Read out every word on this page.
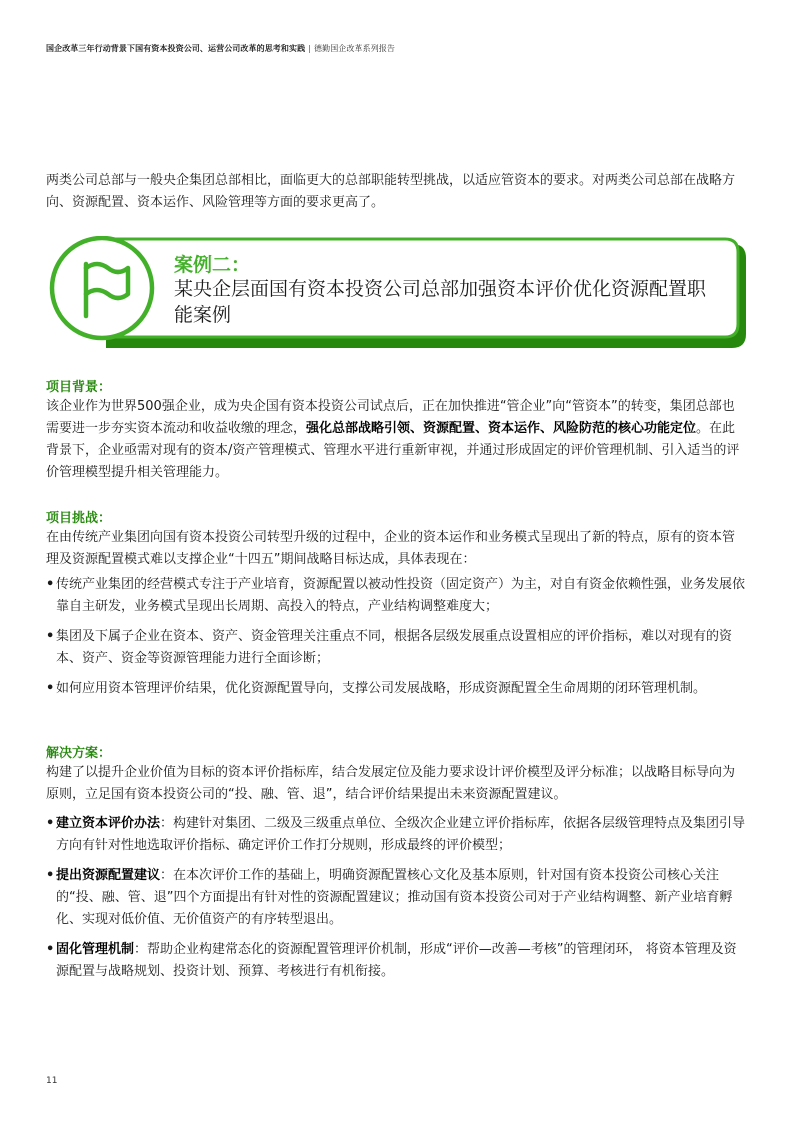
国企改革三年行动背景下国有资本投资公司、运营公司改革的思考和实践 | 德勤国企改革系列报告

两类公司总部与一般央企集团总部相比，面临更大的总部职能转型挑战，以适应管资本的要求。对两类公司总部在战略方向、资源配置、资本运作、风险管理等方面的要求更高了。

案例二：
某央企层面国有资本投资公司总部加强资本评价优化资源配置职能案例
项目背景：

该企业作为世界500强企业，成为央企国有资本投资公司试点后，正在加快推进“管企业”向“管资本”的转变，集团总部也需要进一步夯实资本流动和收益收缴的理念，强化总部战略引领、资源配置、资本运作、风险防范的核心功能定位。在此背景下，企业亟需对现有的资本/资产管理模式、管理水平进行重新审视，并通过形成固定的评价管理机制、引入适当的评价管理模型提升相关管理能力。

项目挑战：

在由传统产业集团向国有资本投资公司转型升级的过程中，企业的资本运作和业务模式呈现出了新的特点，原有的资本管理及资源配置模式难以支撑企业“十四五”期间战略目标达成，具体表现在：

• 传统产业集团的经营模式专注于产业培育，资源配置以被动性投资（固定资产）为主，对自有资金依赖性强，业务发展依靠自主研发，业务模式呈现出长周期、高投入的特点，产业结构调整难度大；
• 集团及下属子企业在资本、资产、资金管理关注重点不同，根据各层级发展重点设置相应的评价指标，难以对现有的资本、资产、资金等资源管理能力进行全面诊断；
• 如何应用资本管理评价结果，优化资源配置导向，支撑公司发展战略，形成资源配置全生命周期的闭环管理机制。
解决方案：

构建了以提升企业价值为目标的资本评价指标库，结合发展定位及能力要求设计评价模型及评分标准；以战略目标导向为原则，立足国有资本投资公司的“投、融、管、退”，结合评价结果提出未来资源配置建议。

• 建立资本评价办法：构建针对集团、二级及三级重点单位、全级次企业建立评价指标库，依据各层级管理特点及集团引导方向有针对性地选取评价指标、确定评价工作打分规则，形成最终的评价模型；
• 提出资源配置建议：在本次评价工作的基础上，明确资源配置核心文化及基本原则，针对国有资本投资公司核心关注的“投、融、管、退”四个方面提出有针对性的资源配置建议；推动国有资本投资公司对于产业结构调整、新产业培育孵化、实现对低价值、无价值资产的有序转型退出。
• 固化管理机制：帮助企业构建常态化的资源配置管理评价机制，形成“评价—改善—考核”的管理闭环， 将资本管理及资源配置与战略规划、投资计划、预算、考核进行有机衔接。
11
